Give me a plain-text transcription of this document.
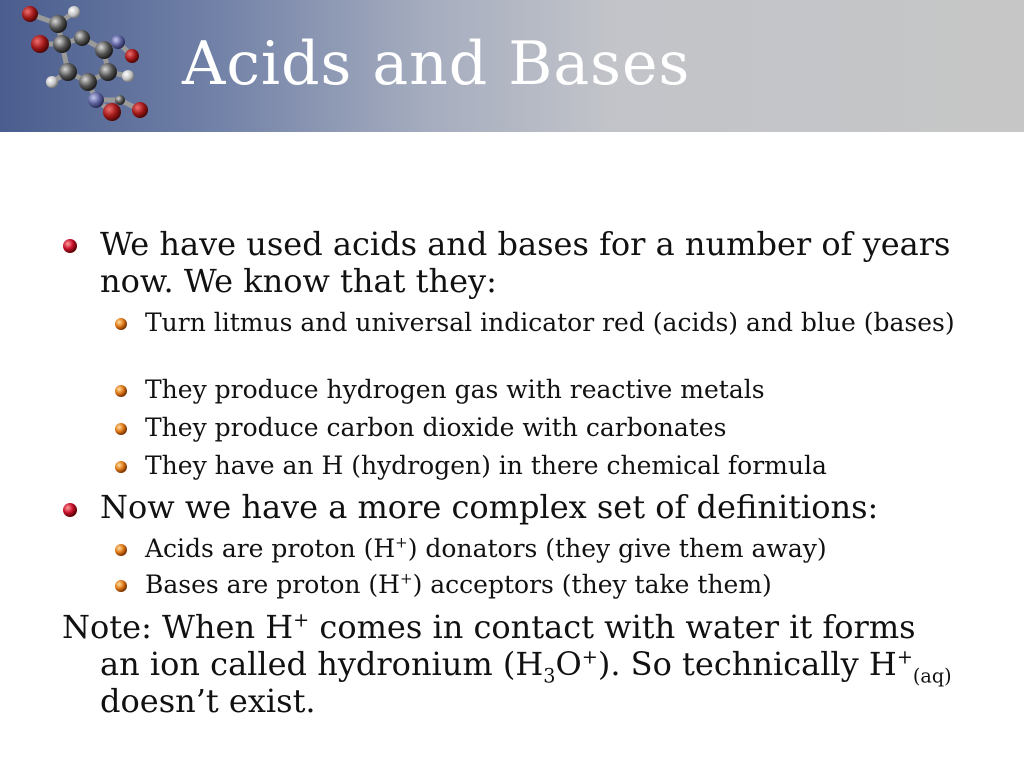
Acids and Bases
We have used acids and bases for a number of years now. We know that they:
Turn litmus and universal indicator red (acids) and blue (bases)
They produce hydrogen gas with reactive metals
They produce carbon dioxide with carbonates
They have an H (hydrogen) in there chemical formula
Now we have a more complex set of definitions:
Acids are proton (H+) donators (they give them away)
Bases are proton (H+) acceptors (they take them)
Note: When H+ comes in contact with water it forms
an ion called hydronium $(H_3O^+)$. So technically $H^+_{(aq)}$
doesn’t exist.
